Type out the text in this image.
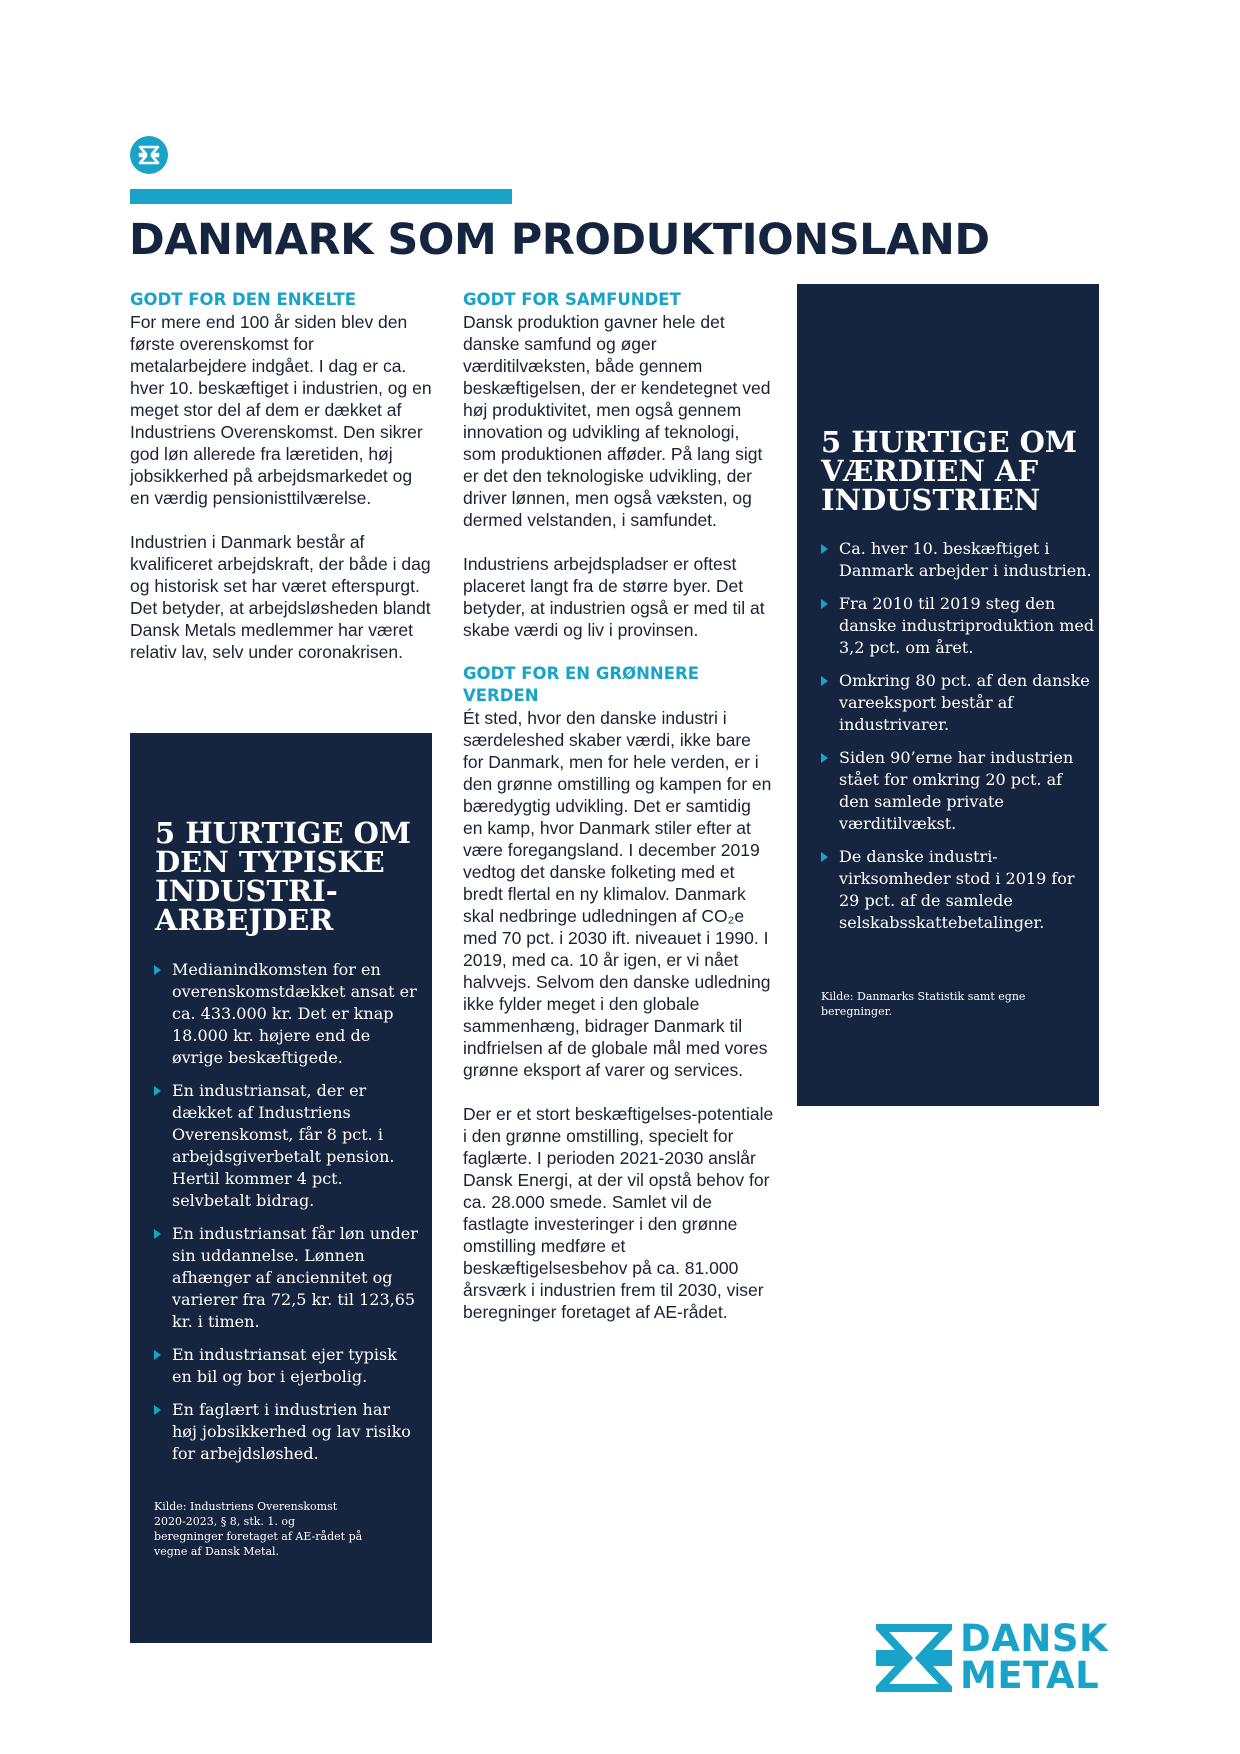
DANMARK SOM PRODUKTIONSLAND
GODT FOR DEN ENKELTE

For mere end 100 år siden blev den første overenskomst for metalarbejdere indgået. I dag er ca. hver 10. beskæftiget i industrien, og en meget stor del af dem er dækket af Industriens Overenskomst. Den sikrer god løn allerede fra læretiden, høj jobsikkerhed på arbejdsmarkedet og en værdig pensionisttilværelse.

Industrien i Danmark består af kvalificeret arbejdskraft, der både i dag og historisk set har været efterspurgt. Det betyder, at arbejdsløsheden blandt Dansk Metals medlemmer har været relativ lav, selv under coronakrisen.

GODT FOR SAMFUNDET

Dansk produktion gavner hele det danske samfund og øger værditilvæksten, både gennem beskæftigelsen, der er kendetegnet ved høj produktivitet, men også gennem innovation og udvikling af teknologi, som produktionen afføder. På lang sigt er det den teknologiske udvikling, der driver lønnen, men også væksten, og dermed velstanden, i samfundet.

Industriens arbejdspladser er oftest placeret langt fra de større byer. Det betyder, at industrien også er med til at skabe værdi og liv i provinsen.

GODT FOR EN GRØNNERE VERDEN

Ét sted, hvor den danske industri i særdeleshed skaber værdi, ikke bare for Danmark, men for hele verden, er i den grønne omstilling og kampen for en bæredygtig udvikling. Det er samtidig en kamp, hvor Danmark stiler efter at være foregangsland. I december 2019 vedtog det danske folketing med et bredt flertal en ny klimalov. Danmark skal nedbringe udledningen af CO₂e med 70 pct. i 2030 ift. niveauet i 1990. I 2019, med ca. 10 år igen, er vi nået halvvejs. Selvom den danske udledning ikke fylder meget i den globale sammenhæng, bidrager Danmark til indfrielsen af de globale mål med vores grønne eksport af varer og services.

Der er et stort beskæftigelses-potentiale i den grønne omstilling, specielt for faglærte. I perioden 2021-2030 anslår Dansk Energi, at der vil opstå behov for ca. 28.000 smede. Samlet vil de fastlagte investeringer i den grønne omstilling medføre et beskæftigelsesbehov på ca. 81.000 årsværk i industrien frem til 2030, viser beregninger foretaget af AE-rådet.

5 HURTIGE OM
DEN TYPISKE
INDUSTRI-
ARBEJDER
Medianindkomsten for en overenskomstdækket ansat er ca. 433.000 kr. Det er knap 18.000 kr. højere end de øvrige beskæftigede.
En industriansat, der er dækket af Industriens Overenskomst, får 8 pct. i arbejdsgiverbetalt pension. Hertil kommer 4 pct. selvbetalt bidrag.
En industriansat får løn under sin uddannelse. Lønnen afhænger af anciennitet og varierer fra 72,5 kr. til 123,65 kr. i timen.
En industriansat ejer typisk en bil og bor i ejerbolig.
En faglært i industrien har høj jobsikkerhed og lav risiko for arbejdsløshed.

Kilde: Industriens Overenskomst 2020-2023, § 8, stk. 1. og beregninger foretaget af AE-rådet på vegne af Dansk Metal.

5 HURTIGE OM
VÆRDIEN AF
INDUSTRIEN
Ca. hver 10. beskæftiget i Danmark arbejder i industrien.
Fra 2010 til 2019 steg den danske industriproduktion med 3,2 pct. om året.
Omkring 80 pct. af den danske vareeksport består af industrivarer.
Siden 90’erne har industrien stået for omkring 20 pct. af den samlede private værditilvækst.
De danske industri-virksomheder stod i 2019 for 29 pct. af de samlede selskabsskattebetalinger.

Kilde: Danmarks Statistik samt egne beregninger.

DANSK
METAL
